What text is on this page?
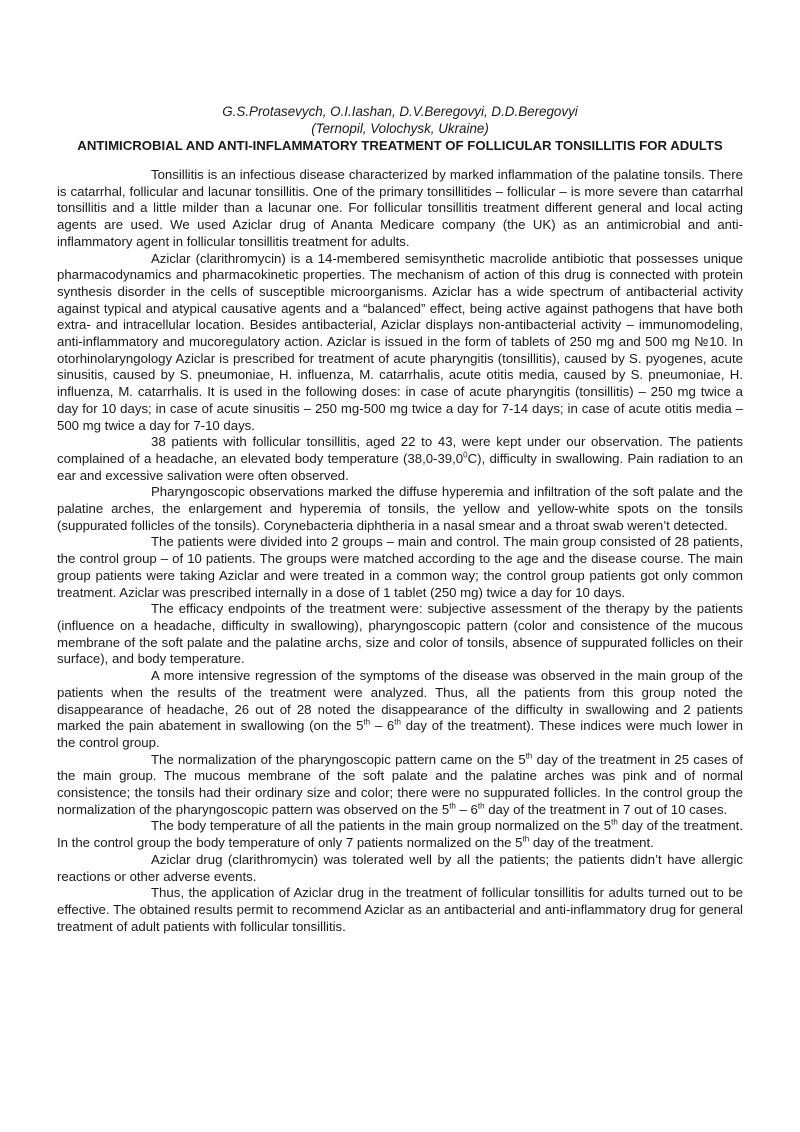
G.S.Protasevych, O.I.Iashan, D.V.Beregovyi, D.D.Beregovyi
(Ternopil, Volochysk, Ukraine)
ANTIMICROBIAL AND ANTI-INFLAMMATORY TREATMENT OF FOLLICULAR TONSILLITIS FOR ADULTS

Tonsillitis is an infectious disease characterized by marked inflammation of the palatine tonsils. There is catarrhal, follicular and lacunar tonsillitis. One of the primary tonsillitides – follicular – is more severe than catarrhal tonsillitis and a little milder than a lacunar one. For follicular tonsillitis treatment different general and local acting agents are used. We used Aziclar drug of Ananta Medicare company (the UK) as an antimicrobial and anti-inflammatory agent in follicular tonsillitis treatment for adults.

Aziclar (clarithromycin) is a 14-membered semisynthetic macrolide antibiotic that possesses unique pharmacodynamics and pharmacokinetic properties. The mechanism of action of this drug is connected with protein synthesis disorder in the cells of susceptible microorganisms. Aziclar has a wide spectrum of antibacterial activity against typical and atypical causative agents and a “balanced” effect, being active against pathogens that have both extra- and intracellular location. Besides antibacterial, Aziclar displays non-antibacterial activity – immunomodeling, anti-inflammatory and mucoregulatory action. Aziclar is issued in the form of tablets of 250 mg and 500 mg №10. In otorhinolaryngology Aziclar is prescribed for treatment of acute pharyngitis (tonsillitis), caused by S. pyogenes, acute sinusitis, caused by S. pneumoniae, H. influenza, M. catarrhalis, acute otitis media, caused by S. pneumoniae, H. influenza, M. catarrhalis. It is used in the following doses: in case of acute pharyngitis (tonsillitis) – 250 mg twice a day for 10 days; in case of acute sinusitis – 250 mg-500 mg twice a day for 7-14 days; in case of acute otitis media – 500 mg twice a day for 7-10 days.

38 patients with follicular tonsillitis, aged 22 to 43, were kept under our observation. The patients complained of a headache, an elevated body temperature (38,0-39,0$^0$C), difficulty in swallowing. Pain radiation to an ear and excessive salivation were often observed.

Pharyngoscopic observations marked the diffuse hyperemia and infiltration of the soft palate and the palatine arches, the enlargement and hyperemia of tonsils, the yellow and yellow-white spots on the tonsils (suppurated follicles of the tonsils). Corynebacteria diphtheria in a nasal smear and a throat swab weren’t detected.

The patients were divided into 2 groups – main and control. The main group consisted of 28 patients, the control group – of 10 patients. The groups were matched according to the age and the disease course. The main group patients were taking Aziclar and were treated in a common way; the control group patients got only common treatment. Aziclar was prescribed internally in a dose of 1 tablet (250 mg) twice a day for 10 days.

The efficacy endpoints of the treatment were: subjective assessment of the therapy by the patients (influence on a headache, difficulty in swallowing), pharyngoscopic pattern (color and consistence of the mucous membrane of the soft palate and the palatine archs, size and color of tonsils, absence of suppurated follicles on their surface), and body temperature.

A more intensive regression of the symptoms of the disease was observed in the main group of the patients when the results of the treatment were analyzed. Thus, all the patients from this group noted the disappearance of headache, 26 out of 28 noted the disappearance of the difficulty in swallowing and 2 patients marked the pain abatement in swallowing (on the 5th – 6th day of the treatment). These indices were much lower in the control group.

The normalization of the pharyngoscopic pattern came on the 5th day of the treatment in 25 cases of the main group. The mucous membrane of the soft palate and the palatine arches was pink and of normal consistence; the tonsils had their ordinary size and color; there were no suppurated follicles. In the control group the normalization of the pharyngoscopic pattern was observed on the 5th – 6th day of the treatment in 7 out of 10 cases.

The body temperature of all the patients in the main group normalized on the 5th day of the treatment. In the control group the body temperature of only 7 patients normalized on the 5th day of the treatment.

Aziclar drug (clarithromycin) was tolerated well by all the patients; the patients didn’t have allergic reactions or other adverse events.

Thus, the application of Aziclar drug in the treatment of follicular tonsillitis for adults turned out to be effective. The obtained results permit to recommend Aziclar as an antibacterial and anti-inflammatory drug for general treatment of adult patients with follicular tonsillitis.
